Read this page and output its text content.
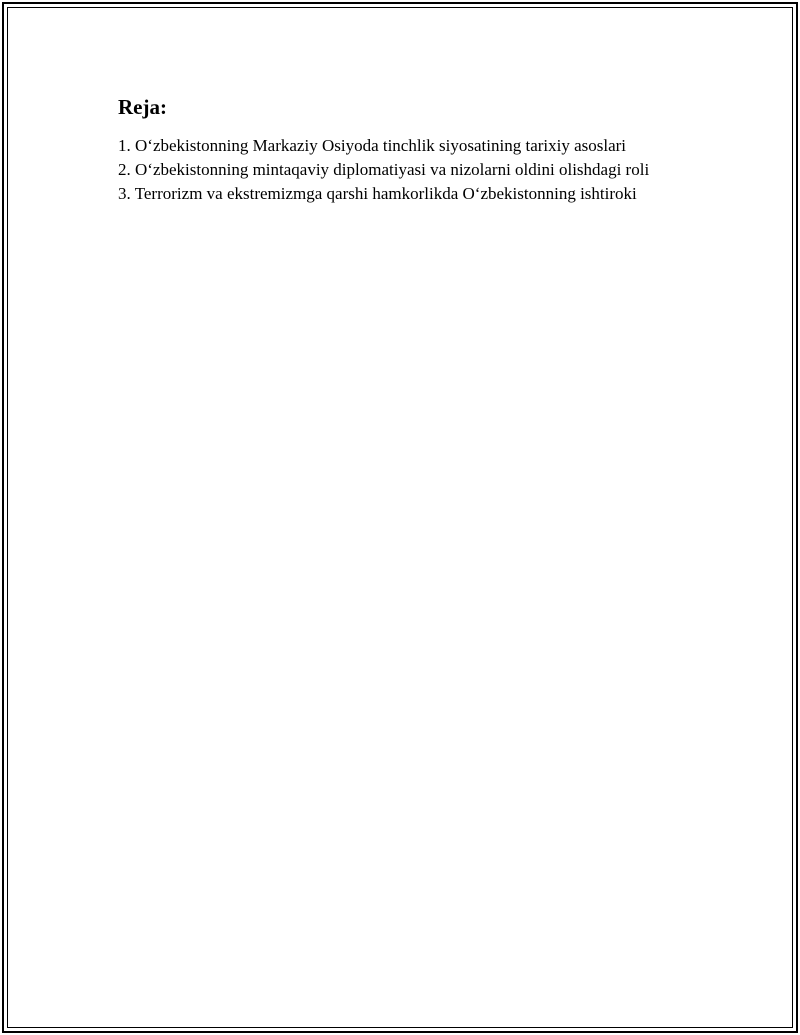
Reja:
1. O‘zbekistonning Markaziy Osiyoda tinchlik siyosatining tarixiy asoslari
2. O‘zbekistonning mintaqaviy diplomatiyasi va nizolarni oldini olishdagi roli
3. Terrorizm va ekstremizmga qarshi hamkorlikda O‘zbekistonning ishtiroki
